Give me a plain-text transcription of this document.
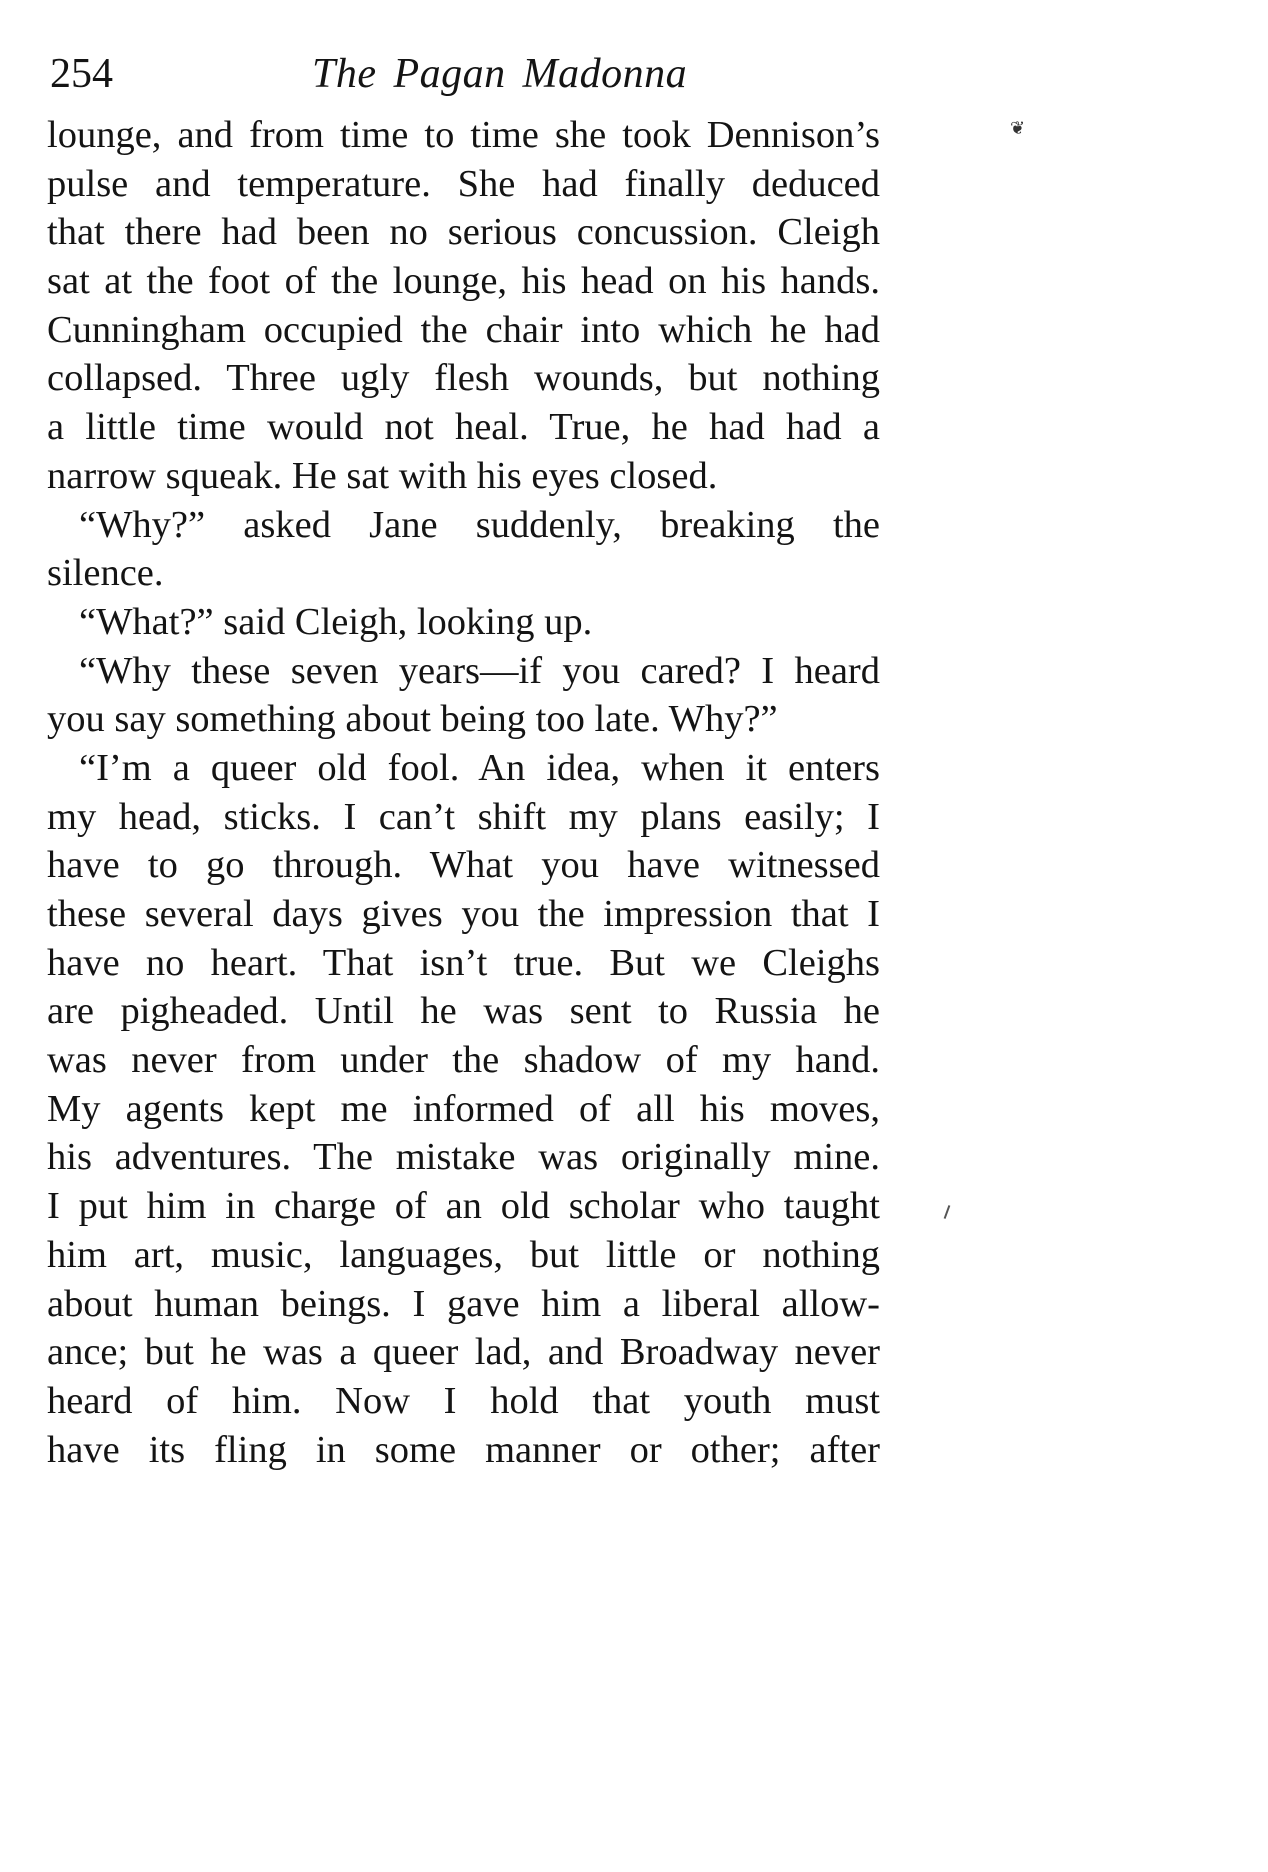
254	The Pagan Madonna
❦
lounge, and from time to time she took Dennison’s
pulse and temperature. She had finally deduced
that there had been no serious concussion. Cleigh
sat at the foot of the lounge, his head on his hands.
Cunningham occupied the chair into which he had
collapsed. Three ugly flesh wounds, but nothing
a little time would not heal. True, he had had a
narrow squeak. He sat with his eyes closed.
“Why?” asked Jane suddenly, breaking the
silence.
“What?” said Cleigh, looking up.
“Why these seven years—if you cared? I heard
you say something about being too late. Why?”
“I’m a queer old fool. An idea, when it enters
my head, sticks. I can’t shift my plans easily; I
have to go through. What you have witnessed
these several days gives you the impression that I
have no heart. That isn’t true. But we Cleighs
are pigheaded. Until he was sent to Russia he
was never from under the shadow of my hand.
My agents kept me informed of all his moves,
his adventures. The mistake was originally mine.
I put him in charge of an old scholar who taught
him art, music, languages, but little or nothing
about human beings. I gave him a liberal allow-
ance; but he was a queer lad, and Broadway never
heard of him. Now I hold that youth must
have its fling in some manner or other; after
